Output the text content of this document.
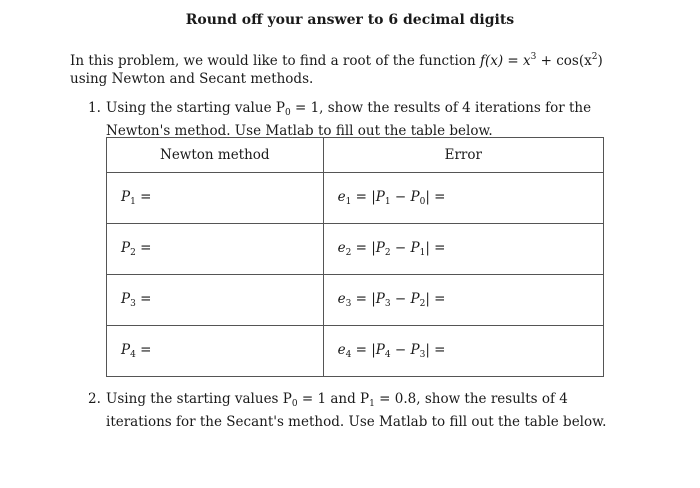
Round off your answer to 6 decimal digits
In this problem, we would like to find a root of the function $f(x) = x^3 + \cos(x^2)$ using Newton and Secant methods.
1. Using the starting value $P_0 = 1$, show the results of 4 iterations for the Newton's method. Use Matlab to fill out the table below.
Newton method	Error
$P_1$ =	$e_1 = |P_1 - P_0|$ =
$P_2$ =	$e_2 = |P_2 - P_1|$ =
$P_3$ =	$e_3 = |P_3 - P_2|$ =
$P_4$ =	$e_4 = |P_4 - P_3|$ =
2. Using the starting values $P_0 = 1$ and $P_1 = 0.8$, show the results of 4 iterations for the Secant's method. Use Matlab to fill out the table below.
